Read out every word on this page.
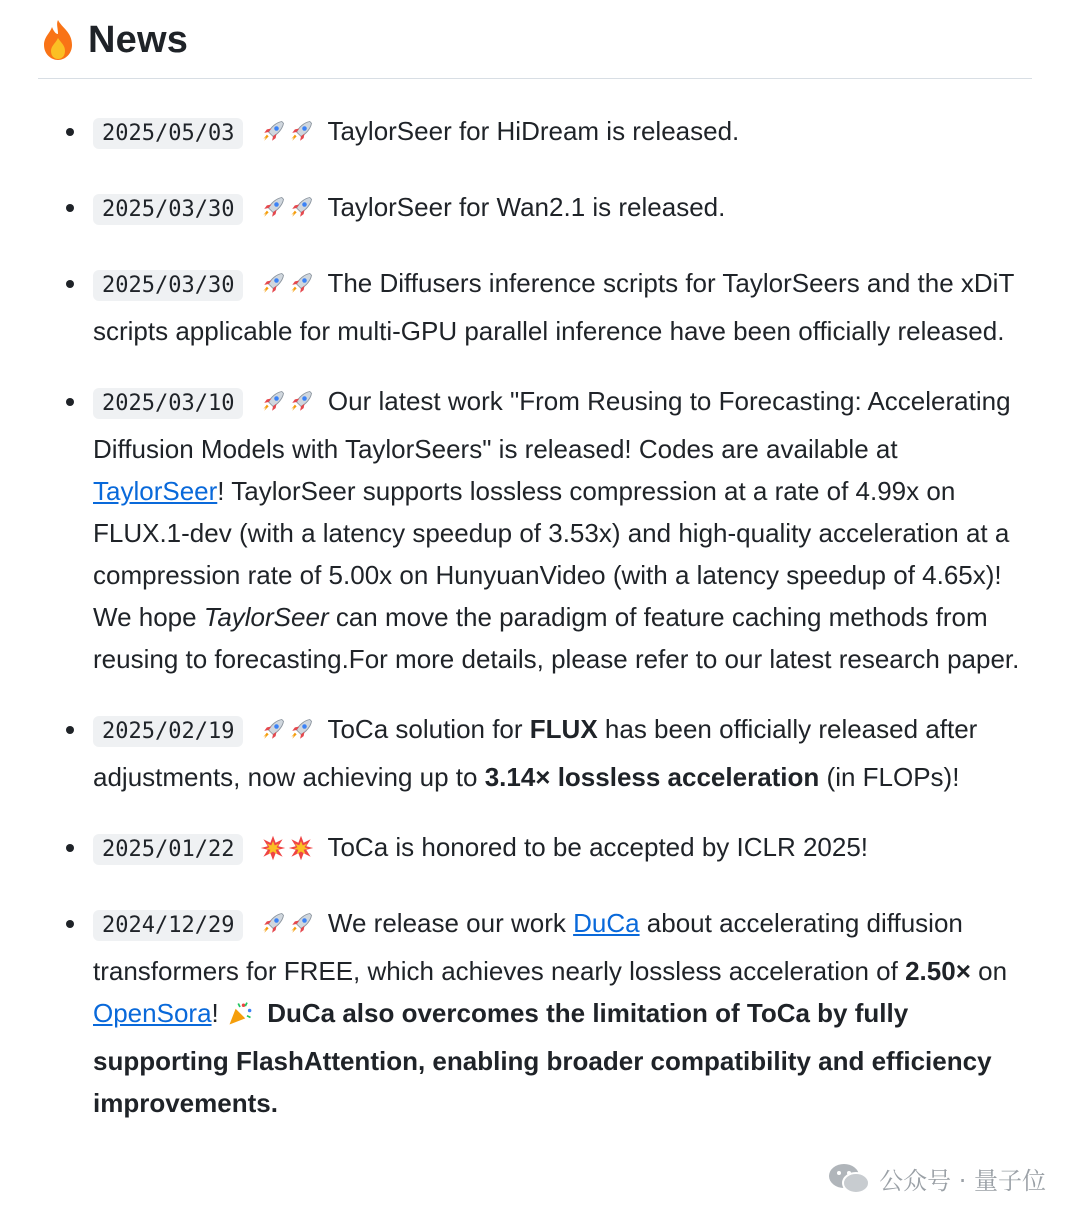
News
2025/05/03	TaylorSeer for HiDream is released.
2025/03/30	TaylorSeer for Wan2.1 is released.
2025/03/30	The Diffusers inference scripts for TaylorSeers and the xDiT scripts applicable for multi-GPU parallel inference have been officially released.
2025/03/10	Our latest work "From Reusing to Forecasting: Accelerating Diffusion Models with TaylorSeers" is released! Codes are available at TaylorSeer! TaylorSeer supports lossless compression at a rate of 4.99x on FLUX.1-dev (with a latency speedup of 3.53x) and high-quality acceleration at a compression rate of 5.00x on HunyuanVideo (with a latency speedup of 4.65x)! We hope TaylorSeer can move the paradigm of feature caching methods from reusing to forecasting.For more details, please refer to our latest research paper.
2025/02/19	ToCa solution for FLUX has been officially released after adjustments, now achieving up to 3.14× lossless acceleration (in FLOPs)!
2025/01/22	ToCa is honored to be accepted by ICLR 2025!
2024/12/29	We release our work DuCa about accelerating diffusion transformers for FREE, which achieves nearly lossless acceleration of 2.50× on OpenSora!  DuCa also overcomes the limitation of ToCa by fully supporting FlashAttention, enabling broader compatibility and efficiency improvements.
公众号 · 量子位
